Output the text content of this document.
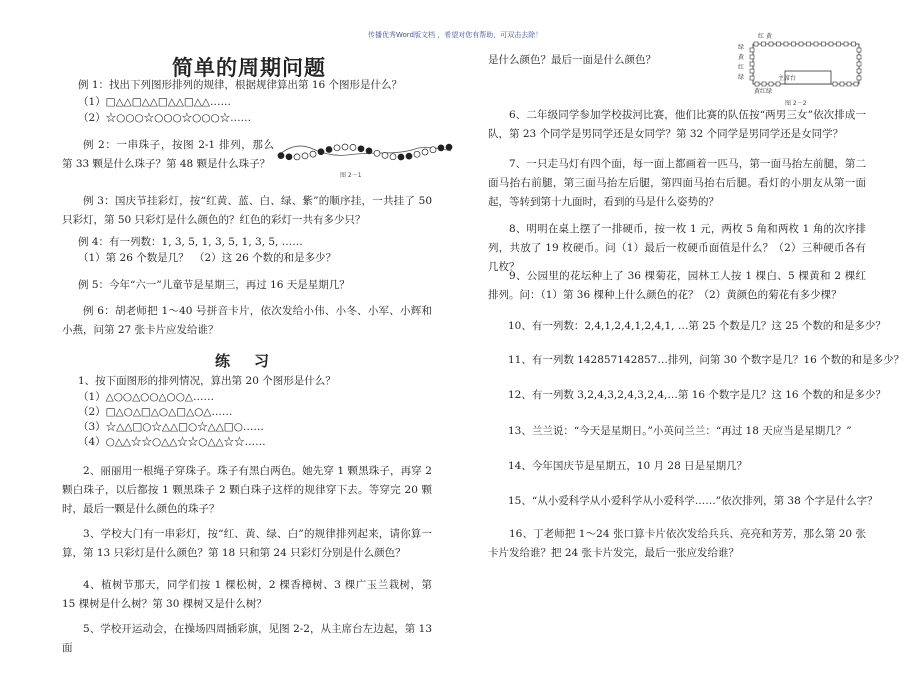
传播优秀Word版文档 ，希望对您有帮助，可双击去除！
简单的周期问题
例 1：找出下列图形排列的规律，根据规律算出第 16 个图形是什么？
（1）□△△□△△□△△□△△……
（2）☆○○○☆○○○☆○○○☆……

例 2：一串珠子，按图 2-1 排列，那么第 33 颗是什么珠子？第 48 颗是什么珠子？

图 2－1

例 3：国庆节挂彩灯，按“红黄、蓝、白、绿、紫”的顺序挂，一共挂了 50 只彩灯，第 50 只彩灯是什么颜色的？红色的彩灯一共有多少只？

例 4：有一列数：1, 3, 5, 1, 3, 5, 1, 3, 5, ……
（1）第 26 个数是几？　（2）这 26 个数的和是多少？
例 5：今年“六一”儿童节是星期三，再过 16 天是星期几？

例 6：胡老师把 1～40 号拼音卡片，依次发给小伟、小冬、小军、小辉和小燕，问第 27 张卡片应发给谁？

练习
1、按下面图形的排列情况，算出第 20 个图形是什么？
（1）△○○△○○△○○△……
（2）□△○△□△○△□△○△……
（3）☆△△□○☆△△□○☆△△□○……
（4）○△△☆☆○△△☆☆○△△☆☆……

2、丽丽用一根绳子穿珠子。珠子有黑白两色。她先穿 1 颗黑珠子，再穿 2 颗白珠子，以后都按 1 颗黑珠子 2 颗白珠子这样的规律穿下去。等穿完 20 颗时，最后一颗是什么颜色的珠子？

3、学校大门有一串彩灯，按“红、黄、绿、白”的规律排列起来，请你算一算，第 13 只彩灯是什么颜色？第 18 只和第 24 只彩灯分别是什么颜色？

4、植树节那天，同学们按 1 棵松树，2 棵香樟树、3 棵广玉兰栽树，第 15 棵树是什么树？第 30 棵树又是什么树？

5、学校开运动会，在操场四周插彩旗，见图 2-2，从主席台左边起，第 13 面

是什么颜色？最后一面是什么颜色？
主席台
红 黄
绿
黄
红
绿
黄红绿
图 2－2

6、二年级同学参加学校拔河比赛，他们比赛的队伍按“两男三女”依次排成一队，第 23 个同学是男同学还是女同学？第 32 个同学是男同学还是女同学？

7、一只走马灯有四个面，每一面上都画着一匹马，第一面马抬左前腿，第二面马抬右前腿，第三面马抬左后腿，第四面马抬右后腿。看灯的小朋友从第一面起，等转到第十九面时，看到的马是什么姿势的？

8、明明在桌上摆了一排硬币，按一枚 1 元，两枚 5 角和两枚 1 角的次序排列，共放了 19 枚硬币。问（1）最后一枚硬币面值是什么？（2）三种硬币各有几枚？

9、公园里的花坛种上了 36 棵菊花，园林工人按 1 棵白、5 棵黄和 2 棵红排列。问：（1）第 36 棵种上什么颜色的花？（2）黄颜色的菊花有多少棵？

10、有一列数：2,4,1,2,4,1,2,4,1, …第 25 个数是几？这 25 个数的和是多少？
11、有一列数 142857142857…排列，问第 30 个数字是几？16 个数的和是多少？
12、有一列数 3,2,4,3,2,4,3,2,4,…第 16 个数字是几？这 16 个数的和是多少？
13、兰兰说：“今天是星期日。”小英问兰兰：“再过 18 天应当是星期几？”
14、今年国庆节是星期五，10 月 28 日是星期几？
15、“从小爱科学从小爱科学从小爱科学……”依次排列，第 38 个字是什么字？

16、丁老师把 1～24 张口算卡片依次发给兵兵、亮亮和芳芳，那么第 20 张卡片发给谁？把 24 张卡片发完，最后一张应发给谁？
